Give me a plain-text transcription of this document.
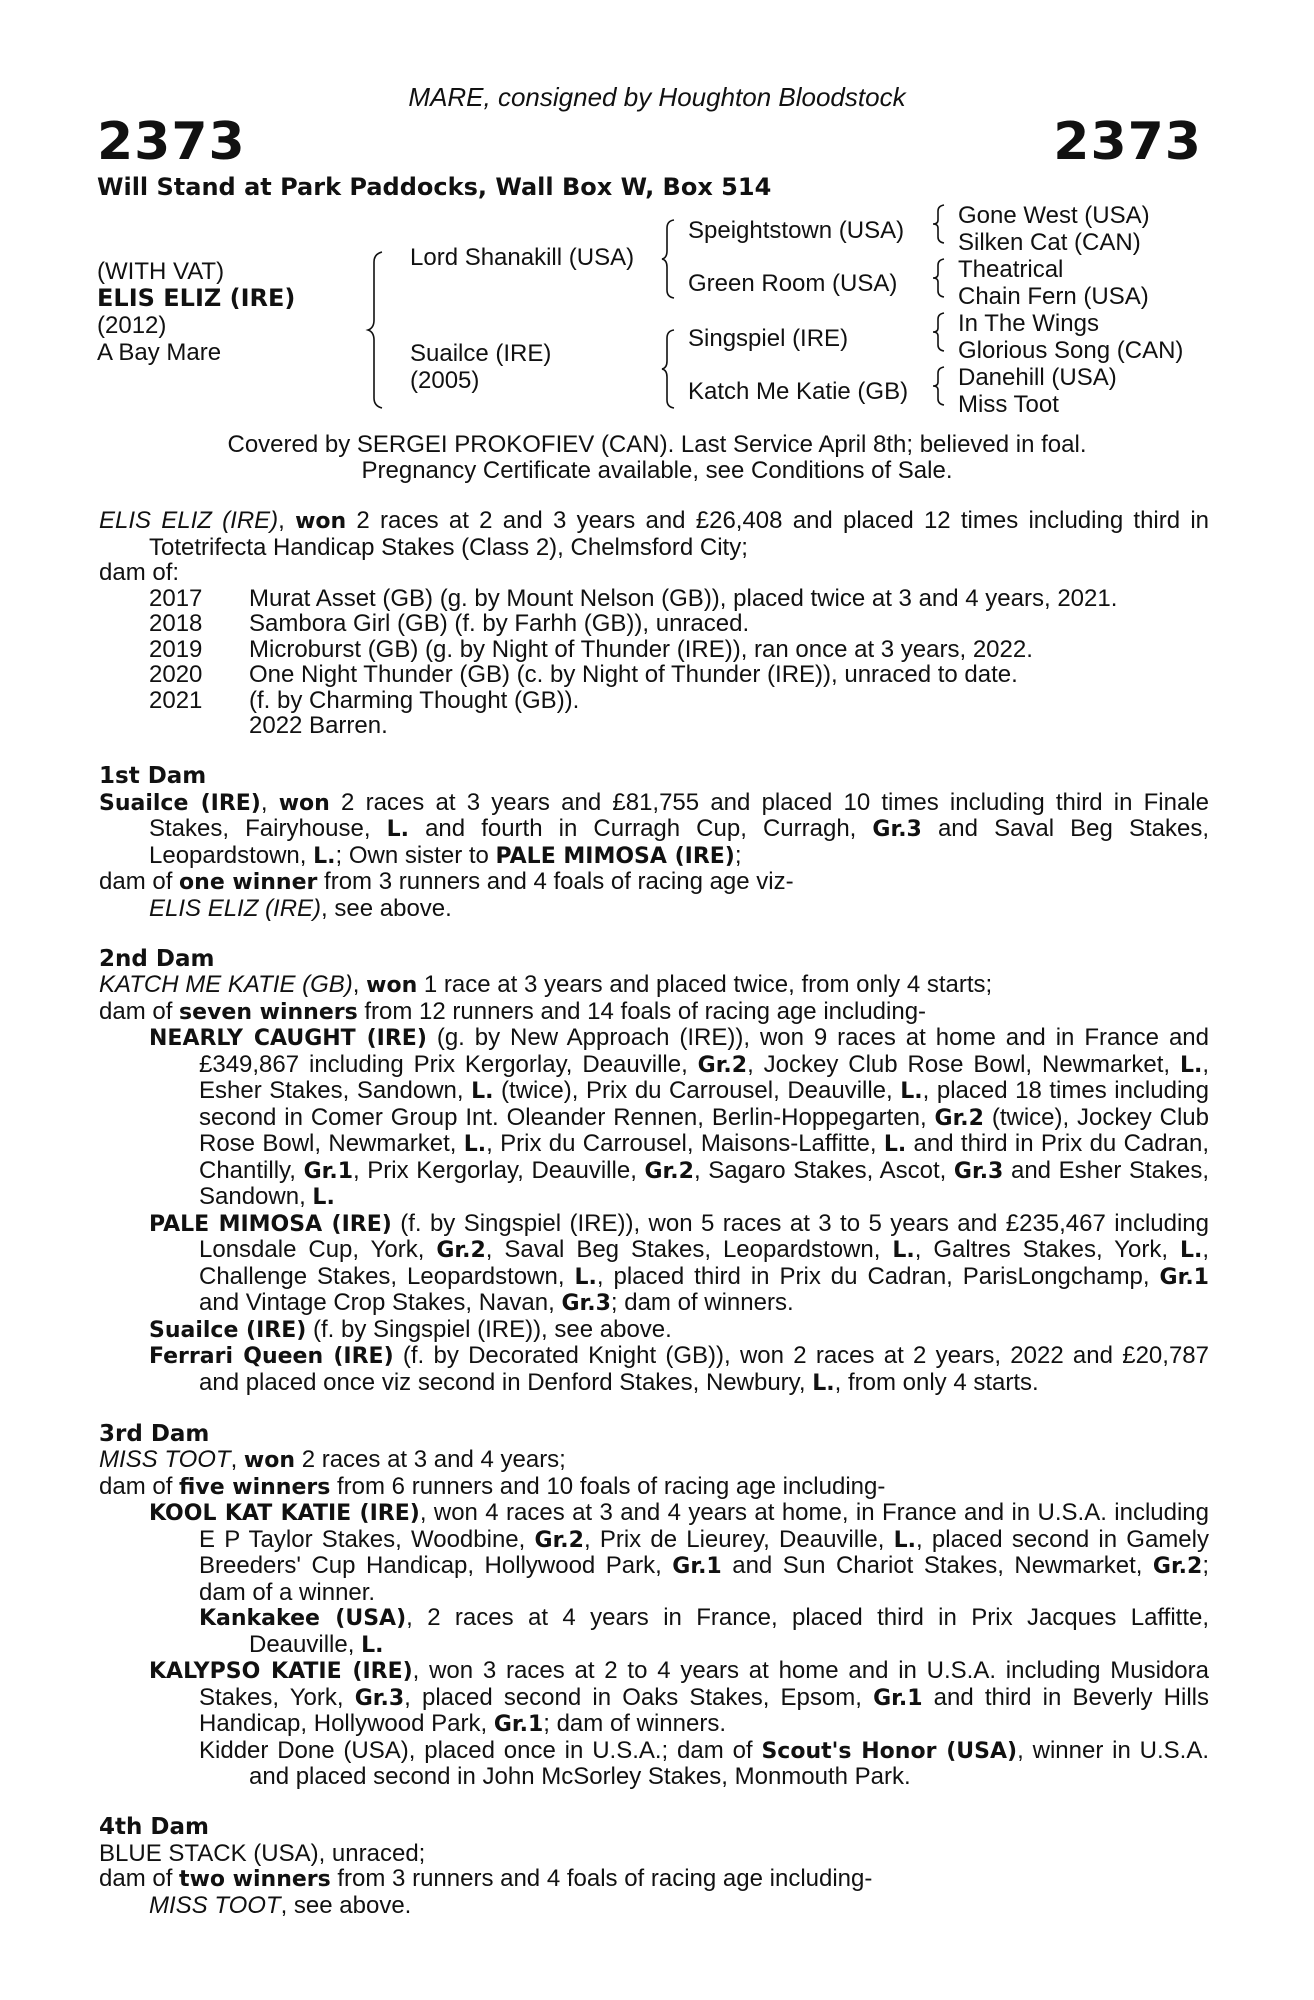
MARE, consigned by Houghton Bloodstock
2373	2373
Will Stand at Park Paddocks, Wall Box W, Box 514
(WITH VAT)
ELIS ELIZ (IRE)
(2012)
A Bay Mare
Lord Shanakill (USA)
Suailce (IRE)
(2005)
Speightstown (USA)
Green Room (USA)
Singspiel (IRE)
Katch Me Katie (GB)
Gone West (USA)
Silken Cat (CAN)
Theatrical
Chain Fern (USA)
In The Wings
Glorious Song (CAN)
Danehill (USA)
Miss Toot
Covered by SERGEI PROKOFIEV (CAN). Last Service April 8th; believed in foal.
Pregnancy Certificate available, see Conditions of Sale.

ELIS ELIZ (IRE), won 2 races at 2 and 3 years and £26,408 and placed 12 times including third in Totetrifecta Handicap Stakes (Class 2), Chelmsford City;

dam of:

2017	Murat Asset (GB) (g. by Mount Nelson (GB)), placed twice at 3 and 4 years, 2021.
2018	Sambora Girl (GB) (f. by Farhh (GB)), unraced.
2019	Microburst (GB) (g. by Night of Thunder (IRE)), ran once at 3 years, 2022.
2020	One Night Thunder (GB) (c. by Night of Thunder (IRE)), unraced to date.
2021	(f. by Charming Thought (GB)).
2022 Barren.

1st Dam

Suailce (IRE), won 2 races at 3 years and £81,755 and placed 10 times including third in Finale Stakes, Fairyhouse, L. and fourth in Curragh Cup, Curragh, Gr.3 and Saval Beg Stakes, Leopardstown, L.; Own sister to PALE MIMOSA (IRE);

dam of one winner from 3 runners and 4 foals of racing age viz-

ELIS ELIZ (IRE), see above.

2nd Dam

KATCH ME KATIE (GB), won 1 race at 3 years and placed twice, from only 4 starts;

dam of seven winners from 12 runners and 14 foals of racing age including-

NEARLY CAUGHT (IRE) (g. by New Approach (IRE)), won 9 races at home and in France and £349,867 including Prix Kergorlay, Deauville, Gr.2, Jockey Club Rose Bowl, Newmarket, L., Esher Stakes, Sandown, L. (twice), Prix du Carrousel, Deauville, L., placed 18 times including second in Comer Group Int. Oleander Rennen, Berlin-Hoppegarten, Gr.2 (twice), Jockey Club Rose Bowl, Newmarket, L., Prix du Carrousel, Maisons-Laffitte, L. and third in Prix du Cadran, Chantilly, Gr.1, Prix Kergorlay, Deauville, Gr.2, Sagaro Stakes, Ascot, Gr.3 and Esher Stakes, Sandown, L.

PALE MIMOSA (IRE) (f. by Singspiel (IRE)), won 5 races at 3 to 5 years and £235,467 including Lonsdale Cup, York, Gr.2, Saval Beg Stakes, Leopardstown, L., Galtres Stakes, York, L., Challenge Stakes, Leopardstown, L., placed third in Prix du Cadran, ParisLongchamp, Gr.1 and Vintage Crop Stakes, Navan, Gr.3; dam of winners.

Suailce (IRE) (f. by Singspiel (IRE)), see above.

Ferrari Queen (IRE) (f. by Decorated Knight (GB)), won 2 races at 2 years, 2022 and £20,787 and placed once viz second in Denford Stakes, Newbury, L., from only 4 starts.

3rd Dam

MISS TOOT, won 2 races at 3 and 4 years;

dam of five winners from 6 runners and 10 foals of racing age including-

KOOL KAT KATIE (IRE), won 4 races at 3 and 4 years at home, in France and in U.S.A. including E P Taylor Stakes, Woodbine, Gr.2, Prix de Lieurey, Deauville, L., placed second in Gamely Breeders' Cup Handicap, Hollywood Park, Gr.1 and Sun Chariot Stakes, Newmarket, Gr.2; dam of a winner.

Kankakee (USA), 2 races at 4 years in France, placed third in Prix Jacques Laffitte, Deauville, L.

KALYPSO KATIE (IRE), won 3 races at 2 to 4 years at home and in U.S.A. including Musidora Stakes, York, Gr.3, placed second in Oaks Stakes, Epsom, Gr.1 and third in Beverly Hills Handicap, Hollywood Park, Gr.1; dam of winners.

Kidder Done (USA), placed once in U.S.A.; dam of Scout's Honor (USA), winner in U.S.A. and placed second in John McSorley Stakes, Monmouth Park.

4th Dam

BLUE STACK (USA), unraced;

dam of two winners from 3 runners and 4 foals of racing age including-

MISS TOOT, see above.
